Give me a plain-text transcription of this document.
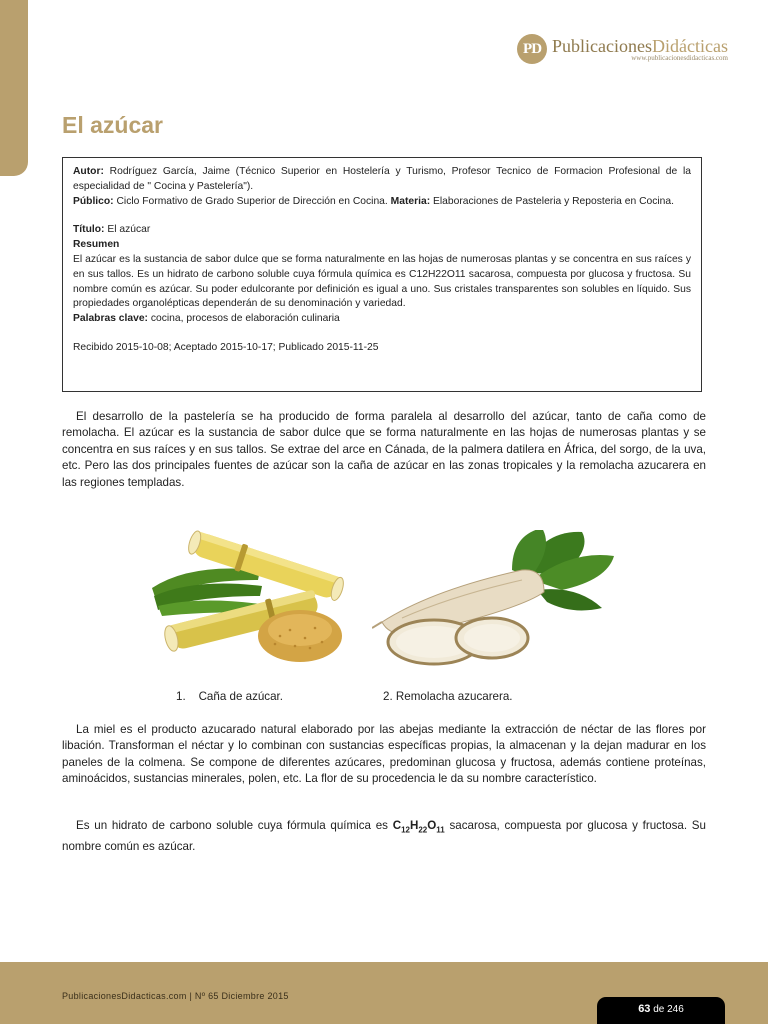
PD PublicacionesDidácticas
www.publicacionesdidacticas.com
El azúcar

Autor: Rodríguez García, Jaime (Técnico Superior en Hostelería y Turismo, Profesor Tecnico de Formacion Profesional de la especialidad de " Cocina y Pastelería").

Público: Ciclo Formativo de Grado Superior de Dirección en Cocina. Materia: Elaboraciones de Pasteleria y Reposteria en Cocina.

Título: El azúcar

Resumen

El azúcar es la sustancia de sabor dulce que se forma naturalmente en las hojas de numerosas plantas y se concentra en sus raíces y en sus tallos. Es un hidrato de carbono soluble cuya fórmula química es C12H22O11 sacarosa, compuesta por glucosa y fructosa. Su nombre común es azúcar. Su poder edulcorante por definición es igual a uno. Sus cristales transparentes son solubles en líquido. Sus propiedades organolépticas dependerán de su denominación y variedad.

Palabras clave: cocina, procesos de elaboración culinaria

Recibido 2015-10-08; Aceptado 2015-10-17; Publicado 2015-11-25

El desarrollo de la pastelería se ha producido de forma paralela al desarrollo del azúcar, tanto de caña como de remolacha. El azúcar es la sustancia de sabor dulce que se forma naturalmente en las hojas de numerosas plantas y se concentra en sus raíces y en sus tallos. Se extrae del arce en Cánada, de la palmera datilera en África, del sorgo, de la uva, etc. Pero las dos principales fuentes de azúcar son la caña de azúcar en las zonas tropicales y la remolacha azucarera en las regiones templadas.

1. Caña de azúcar.	2. Remolacha azucarera.

La miel es el producto azucarado natural elaborado por las abejas mediante la extracción de néctar de las flores por libación. Transforman el néctar y lo combinan con sustancias específicas propias, la almacenan y la dejan madurar en los paneles de la colmena. Se compone de diferentes azúcares, predominan glucosa y fructosa, además contiene proteínas, aminoácidos, sustancias minerales, polen, etc. La flor de su procedencia le da su nombre característico.

Es un hidrato de carbono soluble cuya fórmula química es $C_{12}H_{22}O_{11}$ sacarosa, compuesta por glucosa y fructosa. Su nombre común es azúcar.

PublicacionesDidacticas.com | Nº 65 Diciembre 2015
63 de 246
